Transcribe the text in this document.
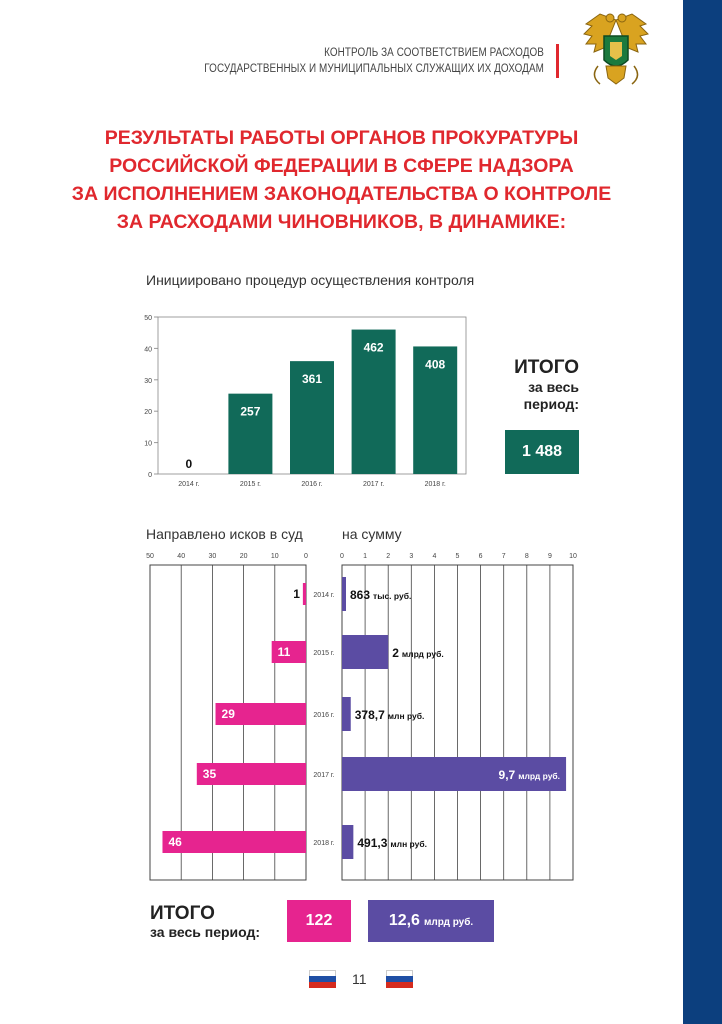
КОНТРОЛЬ ЗА СООТВЕТСТВИЕМ РАСХОДОВ
ГОСУДАРСТВЕННЫХ И МУНИЦИПАЛЬНЫХ СЛУЖАЩИХ ИХ ДОХОДАМ
РЕЗУЛЬТАТЫ РАБОТЫ ОРГАНОВ ПРОКУРАТУРЫ
РОССИЙСКОЙ ФЕДЕРАЦИИ В СФЕРЕ НАДЗОРА
ЗА ИСПОЛНЕНИЕМ ЗАКОНОДАТЕЛЬСТВА О КОНТРОЛЕ
ЗА РАСХОДАМИ ЧИНОВНИКОВ, В ДИНАМИКЕ:
Инициировано процедур осуществления контроля
0
10
20
30
40
50
0
2014 г.
257
2015 г.
361
2016 г.
462
2017 г.
408
2018 г.
ИТОГО
за весь
период:
1 488
Направлено исков в суд	на сумму
50	40	30	20	10	0
1
11
29
35
46
2014 г.
2015 г.
2016 г.
2017 г.
2018 г.
0	1	2	3	4	5	6	7	8	9 10
863 тыс. руб.
2 млрд руб.
378,7 млн руб.
9,7 млрд руб.
491,3 млн руб.
ИТОГО
за весь период:
122	12,6 млрд руб.
11
